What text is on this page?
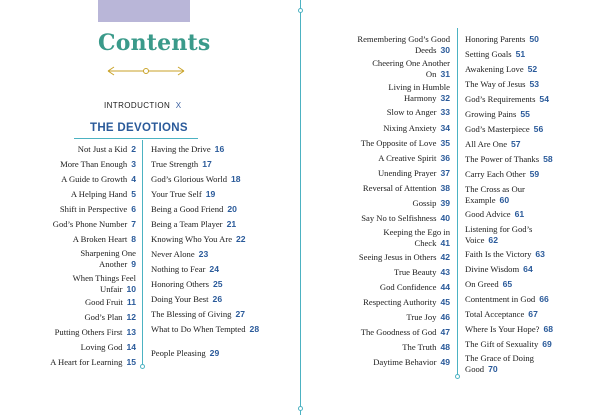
Contents
INTRODUCTION X
THE DEVOTIONS
Not Just a Kid 2
More Than Enough 3
A Guide to Growth 4
A Helping Hand 5
Shift in Perspective 6
God’s Phone Number 7
A Broken Heart 8
Sharpening One Another 9
When Things Feel Unfair 10
Good Fruit 11
God’s Plan 12
Putting Others First 13
Loving God 14
A Heart for Learning 15
Having the Drive 16
True Strength 17
God’s Glorious World 18
Your True Self 19
Being a Good Friend 20
Being a Team Player 21
Knowing Who You Are 22
Never Alone 23
Nothing to Fear 24
Honoring Others 25
Doing Your Best 26
The Blessing of Giving 27
What to Do When Tempted 28
People Pleasing 29
Remembering God’s Good Deeds 30
Cheering One Another On 31
Living in Humble Harmony 32
Slow to Anger 33
Nixing Anxiety 34
The Opposite of Love 35
A Creative Spirit 36
Unending Prayer 37
Reversal of Attention 38
Gossip 39
Say No to Selfishness 40
Keeping the Ego in Check 41
Seeing Jesus in Others 42
True Beauty 43
God Confidence 44
Respecting Authority 45
True Joy 46
The Goodness of God 47
The Truth 48
Daytime Behavior 49
Honoring Parents 50
Setting Goals 51
Awakening Love 52
The Way of Jesus 53
God’s Requirements 54
Growing Pains 55
God’s Masterpiece 56
All Are One 57
The Power of Thanks 58
Carry Each Other 59
The Cross as Our Example 60
Good Advice 61
Listening for God’s Voice 62
Faith Is the Victory 63
Divine Wisdom 64
On Greed 65
Contentment in God 66
Total Acceptance 67
Where Is Your Hope? 68
The Gift of Sexuality 69
The Grace of Doing Good 70
